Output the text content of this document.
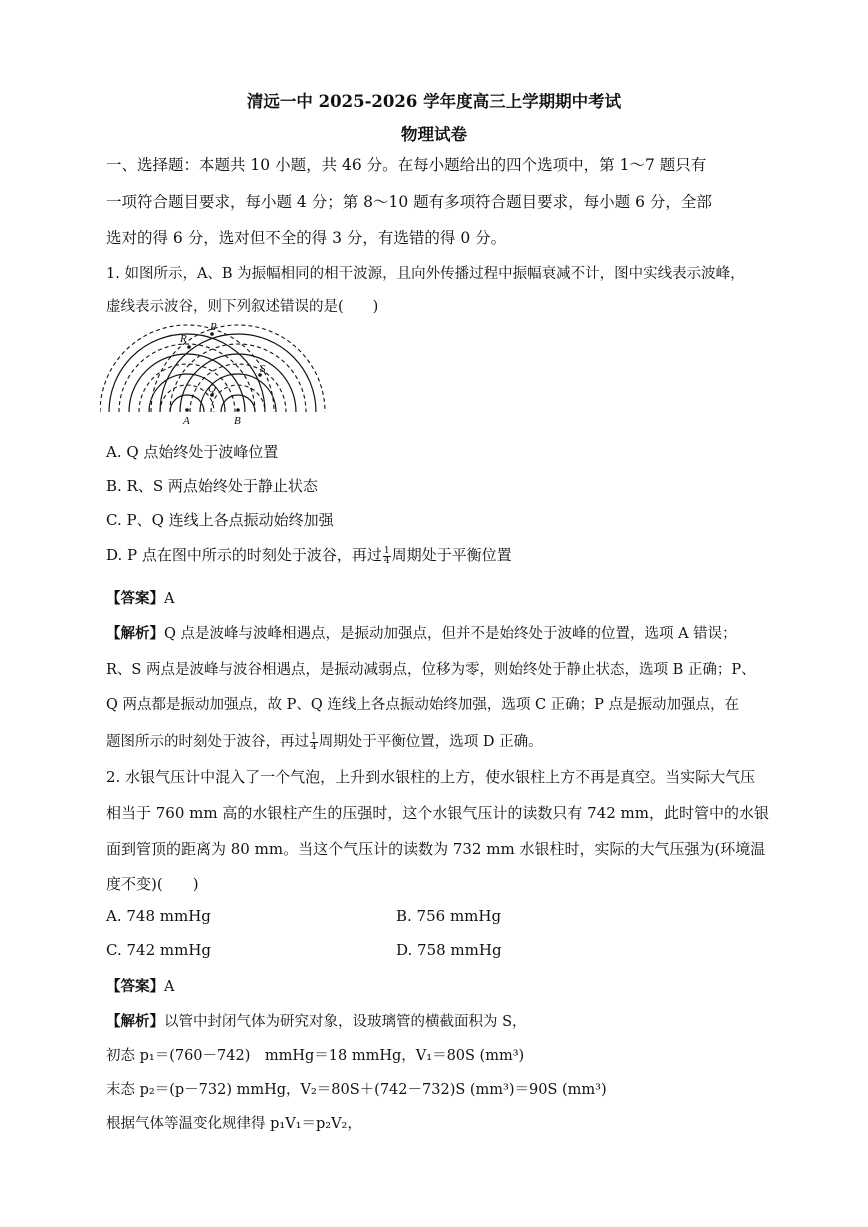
清远一中 2025-2026 学年度高三上学期期中考试
物理试卷
一、选择题：本题共 10 小题，共 46 分。在每小题给出的四个选项中，第 1～7 题只有
一项符合题目要求，每小题 4 分；第 8～10 题有多项符合题目要求，每小题 6 分，全部
选对的得 6 分，选对但不全的得 3 分，有选错的得 0 分。
1. 如图所示，A、B 为振幅相同的相干波源，且向外传播过程中振幅衰减不计，图中实线表示波峰，
虚线表示波谷，则下列叙述错误的是(　　)
P
R
S
Q
A	B
A. Q 点始终处于波峰位置
B. R、S 两点始终处于静止状态
C. P、Q 连线上各点振动始终加强
D. P 点在图中所示的时刻处于波谷，再过 $\frac{1}{4}$ 周期处于平衡位置
【答案】A
【解析】Q 点是波峰与波峰相遇点，是振动加强点，但并不是始终处于波峰的位置，选项 A 错误；
R、S 两点是波峰与波谷相遇点，是振动减弱点，位移为零，则始终处于静止状态，选项 B 正确；P、
Q 两点都是振动加强点，故 P、Q 连线上各点振动始终加强，选项 C 正确；P 点是振动加强点，在
题图所示的时刻处于波谷，再过 $\frac{1}{4}$ 周期处于平衡位置，选项 D 正确。
2. 水银气压计中混入了一个气泡，上升到水银柱的上方，使水银柱上方不再是真空。当实际大气压
相当于 760 mm 高的水银柱产生的压强时，这个水银气压计的读数只有 742 mm，此时管中的水银
面到管顶的距离为 80 mm。当这个气压计的读数为 732 mm 水银柱时，实际的大气压强为(环境温
度不变)(　　)
A. 748 mmHg	B. 756 mmHg
C. 742 mmHg	D. 758 mmHg
【答案】A
【解析】以管中封闭气体为研究对象，设玻璃管的横截面积为 S，
初态 p₁＝(760－742)　mmHg＝18 mmHg，V₁＝80S (mm³)
末态 p₂＝(p－732) mmHg，V₂＝80S＋(742－732)S (mm³)＝90S (mm³)
根据气体等温变化规律得 p₁V₁＝p₂V₂，
